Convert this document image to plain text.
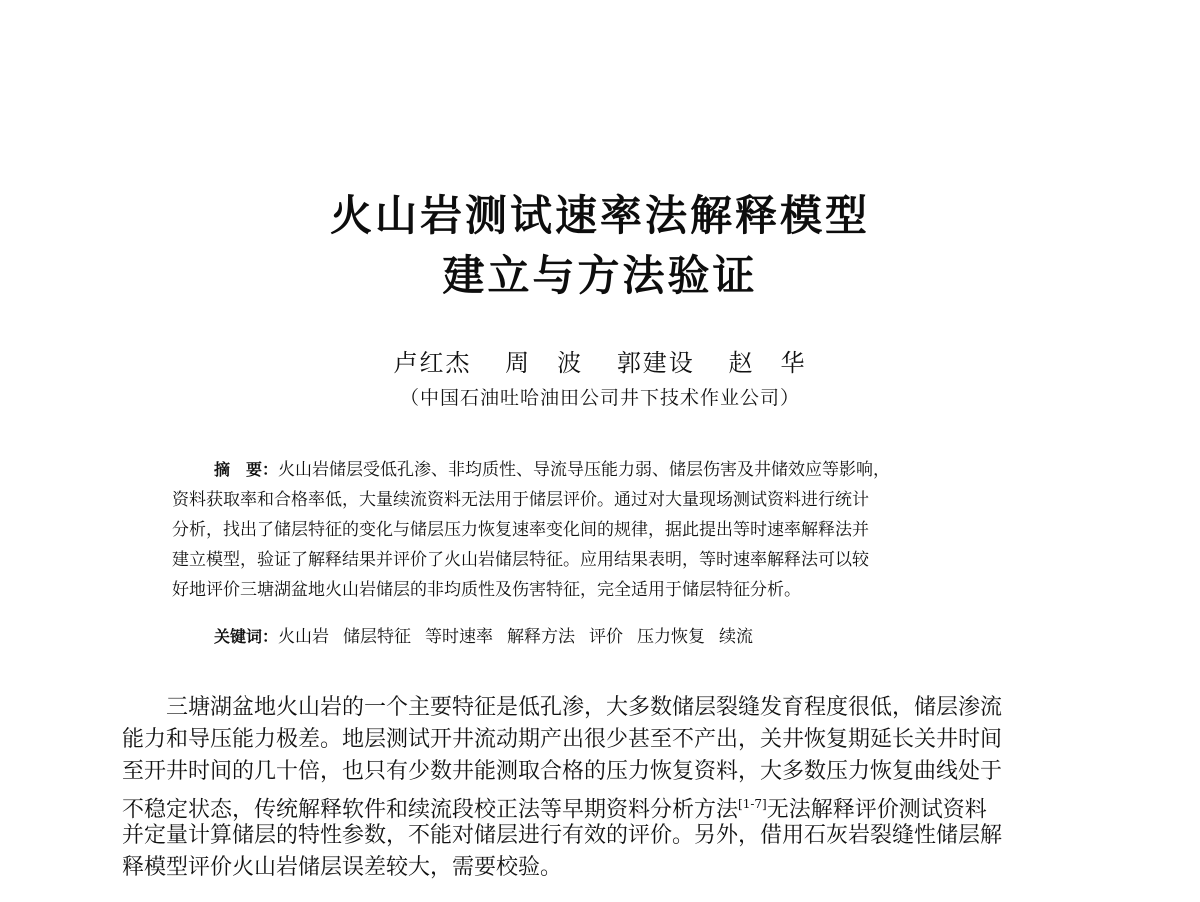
火山岩测试速率法解释模型
建立与方法验证
卢红杰 周　波 郭建设 赵　华
（中国石油吐哈油田公司井下技术作业公司）
摘　要：火山岩储层受低孔渗、非均质性、导流导压能力弱、储层伤害及井储效应等影响，
资料获取率和合格率低，大量续流资料无法用于储层评价。通过对大量现场测试资料进行统计
分析，找出了储层特征的变化与储层压力恢复速率变化间的规律，据此提出等时速率解释法并
建立模型，验证了解释结果并评价了火山岩储层特征。应用结果表明，等时速率解释法可以较
好地评价三塘湖盆地火山岩储层的非均质性及伤害特征，完全适用于储层特征分析。
关键词：火山岩 储层特征 等时速率 解释方法 评价 压力恢复 续流
三塘湖盆地火山岩的一个主要特征是低孔渗，大多数储层裂缝发育程度很低，储层渗流
能力和导压能力极差。地层测试开井流动期产出很少甚至不产出，关井恢复期延长关井时间
至开井时间的几十倍，也只有少数井能测取合格的压力恢复资料，大多数压力恢复曲线处于
不稳定状态，传统解释软件和续流段校正法等早期资料分析方法[1-7]无法解释评价测试资料
并定量计算储层的特性参数，不能对储层进行有效的评价。另外，借用石灰岩裂缝性储层解
释模型评价火山岩储层误差较大，需要校验。
